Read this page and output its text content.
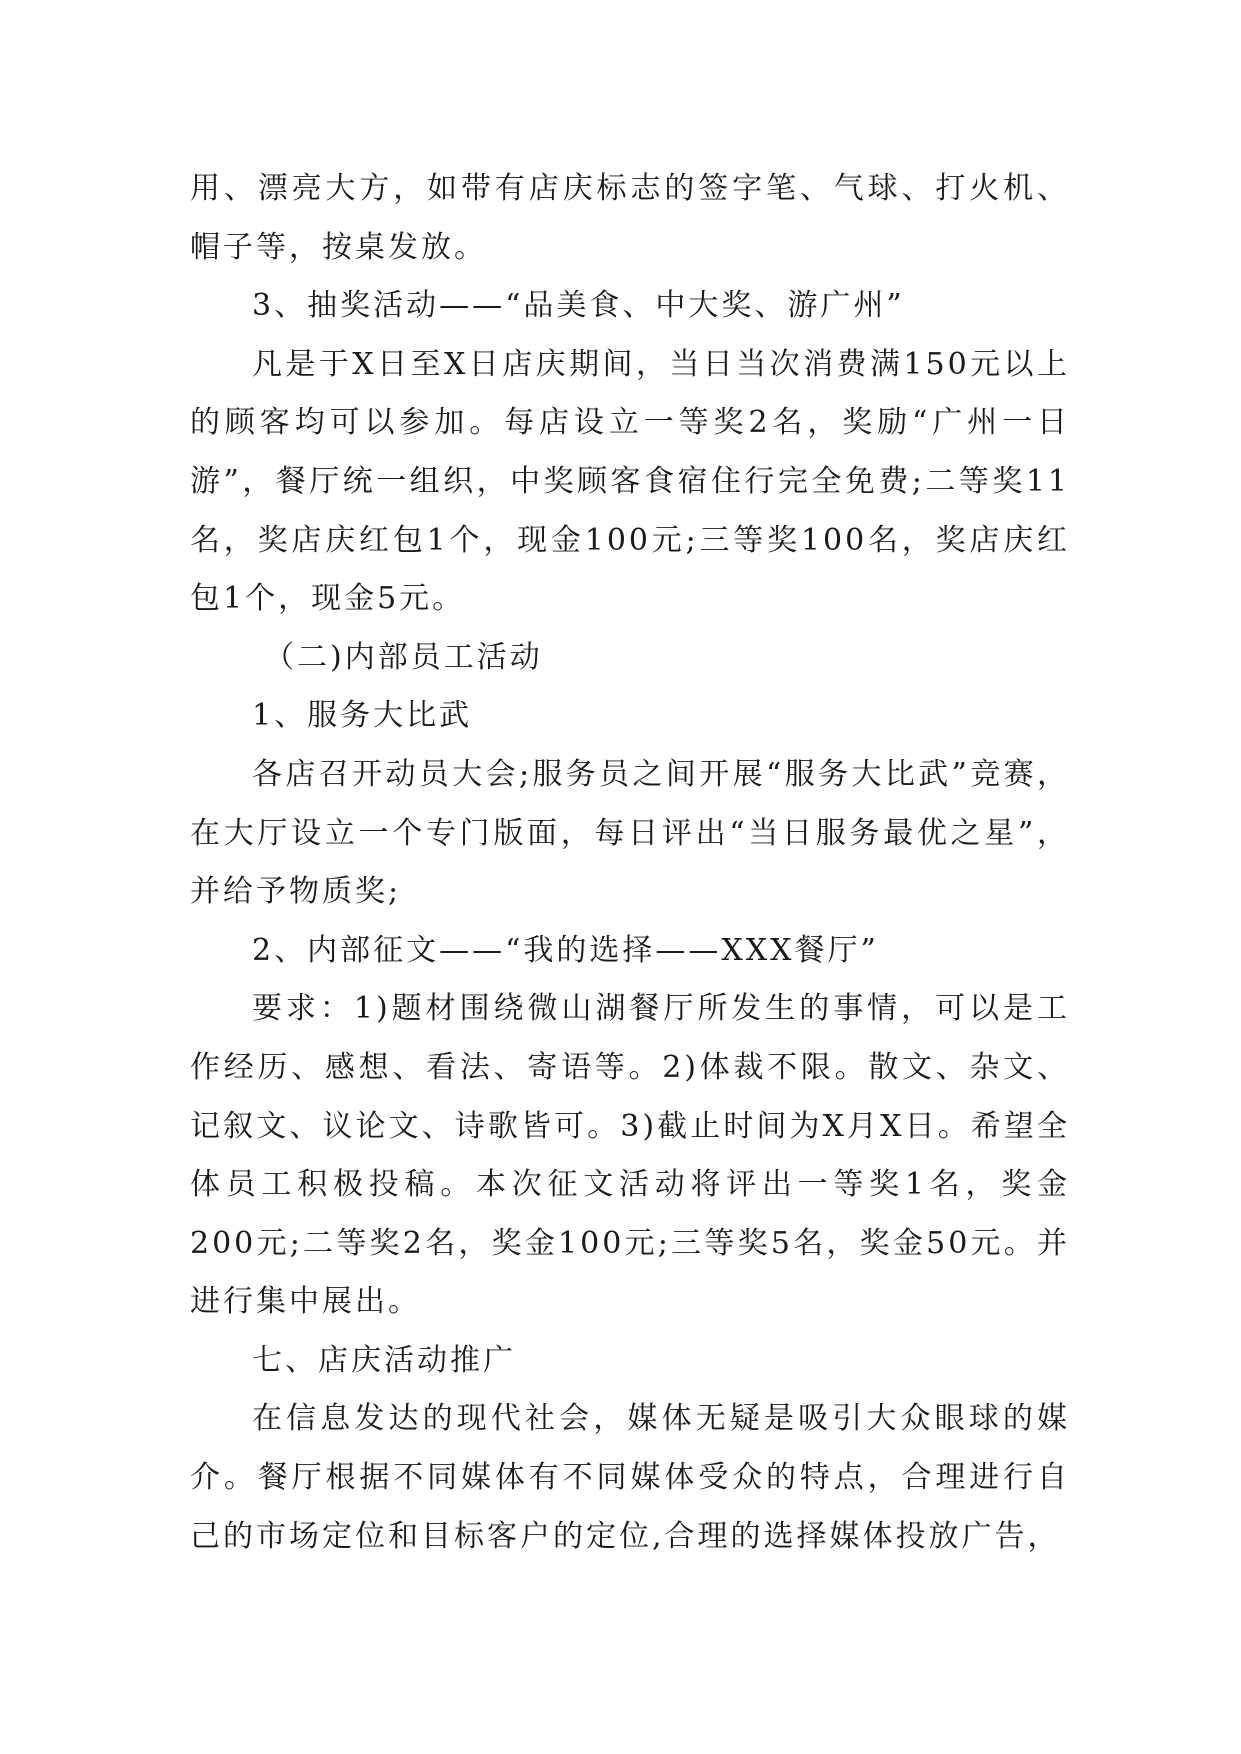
用、漂亮大方，如带有店庆标志的签字笔、气球、打火机、帽子等，按桌发放。

3、抽奖活动——“品美食、中大奖、游广州”

凡是于X日至X日店庆期间，当日当次消费满150元以上的顾客均可以参加。每店设立一等奖2名，奖励“广州一日游”，餐厅统一组织，中奖顾客食宿住行完全免费;二等奖11名，奖店庆红包1个，现金100元;三等奖100名，奖店庆红包1个，现金5元。

（二)内部员工活动

1、服务大比武

各店召开动员大会;服务员之间开展“服务大比武”竞赛，在大厅设立一个专门版面，每日评出“当日服务最优之星”，并给予物质奖;

2、内部征文——“我的选择——XXX餐厅”

要求：1)题材围绕微山湖餐厅所发生的事情，可以是工作经历、感想、看法、寄语等。2)体裁不限。散文、杂文、记叙文、议论文、诗歌皆可。3)截止时间为X月X日。希望全体员工积极投稿。本次征文活动将评出一等奖1名，奖金200元;二等奖2名，奖金100元;三等奖5名，奖金50元。并进行集中展出。

七、店庆活动推广

在信息发达的现代社会，媒体无疑是吸引大众眼球的媒介。餐厅根据不同媒体有不同媒体受众的特点，合理进行自己的市场定位和目标客户的定位,合理的选择媒体投放广告，
